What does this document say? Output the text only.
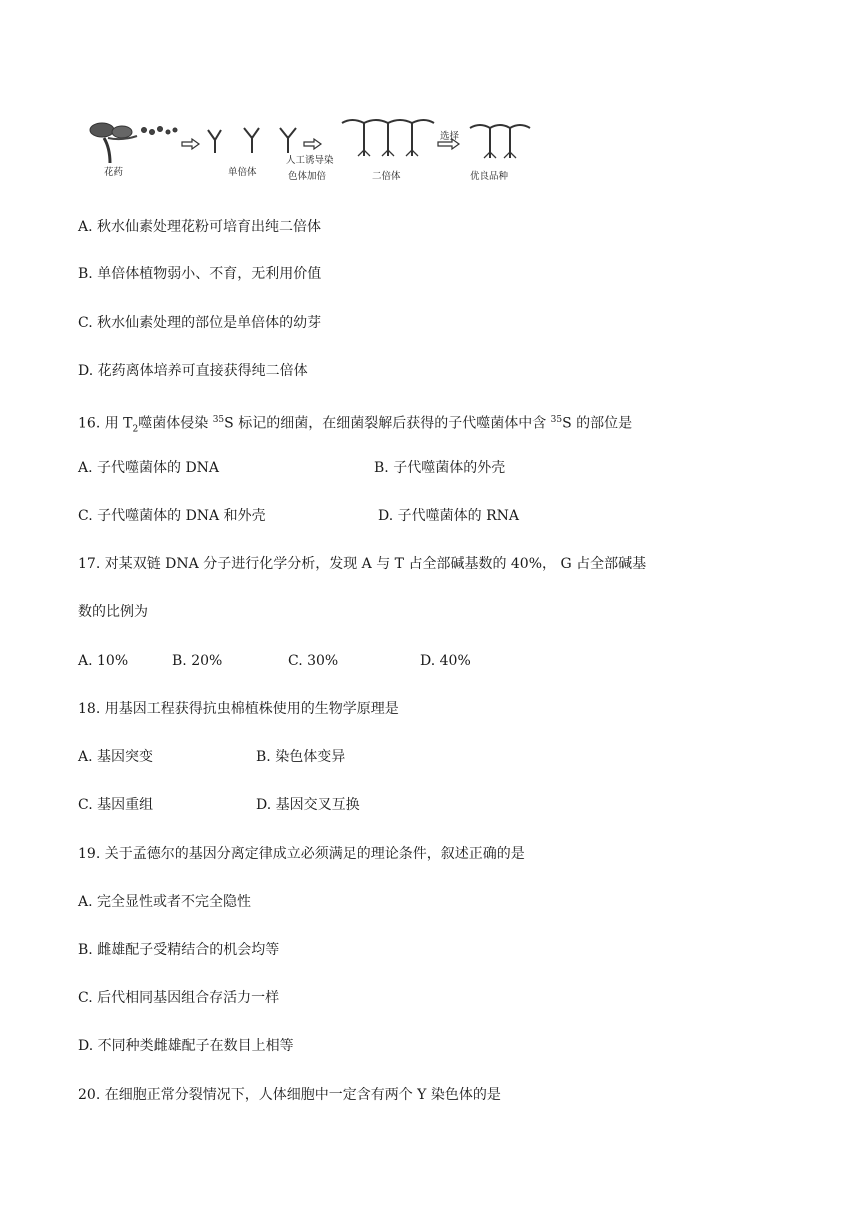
花药	单倍体
人工诱导染
色体加倍	二倍体
选择
优良品种
A. 秋水仙素处理花粉可培育出纯二倍体
B. 单倍体植物弱小、不育，无利用价值
C. 秋水仙素处理的部位是单倍体的幼芽
D. 花药离体培养可直接获得纯二倍体
16. 用 $T_2$噬菌体侵染 $^{35}$S 标记的细菌，在细菌裂解后获得的子代噬菌体中含 $^{35}$S 的部位是
A. 子代噬菌体的 DNA	B. 子代噬菌体的外壳
C. 子代噬菌体的 DNA 和外壳	D. 子代噬菌体的 RNA
17. 对某双链 DNA 分子进行化学分析，发现 A 与 T 占全部碱基数的 40%， G 占全部碱基
数的比例为
A. 10%	B. 20%	C. 30%	D. 40%
18. 用基因工程获得抗虫棉植株使用的生物学原理是
A. 基因突变	B. 染色体变异
C. 基因重组	D. 基因交叉互换
19. 关于孟德尔的基因分离定律成立必须满足的理论条件，叙述正确的是
A. 完全显性或者不完全隐性
B. 雌雄配子受精结合的机会均等
C. 后代相同基因组合存活力一样
D. 不同种类雌雄配子在数目上相等
20. 在细胞正常分裂情况下，人体细胞中一定含有两个 Y 染色体的是
